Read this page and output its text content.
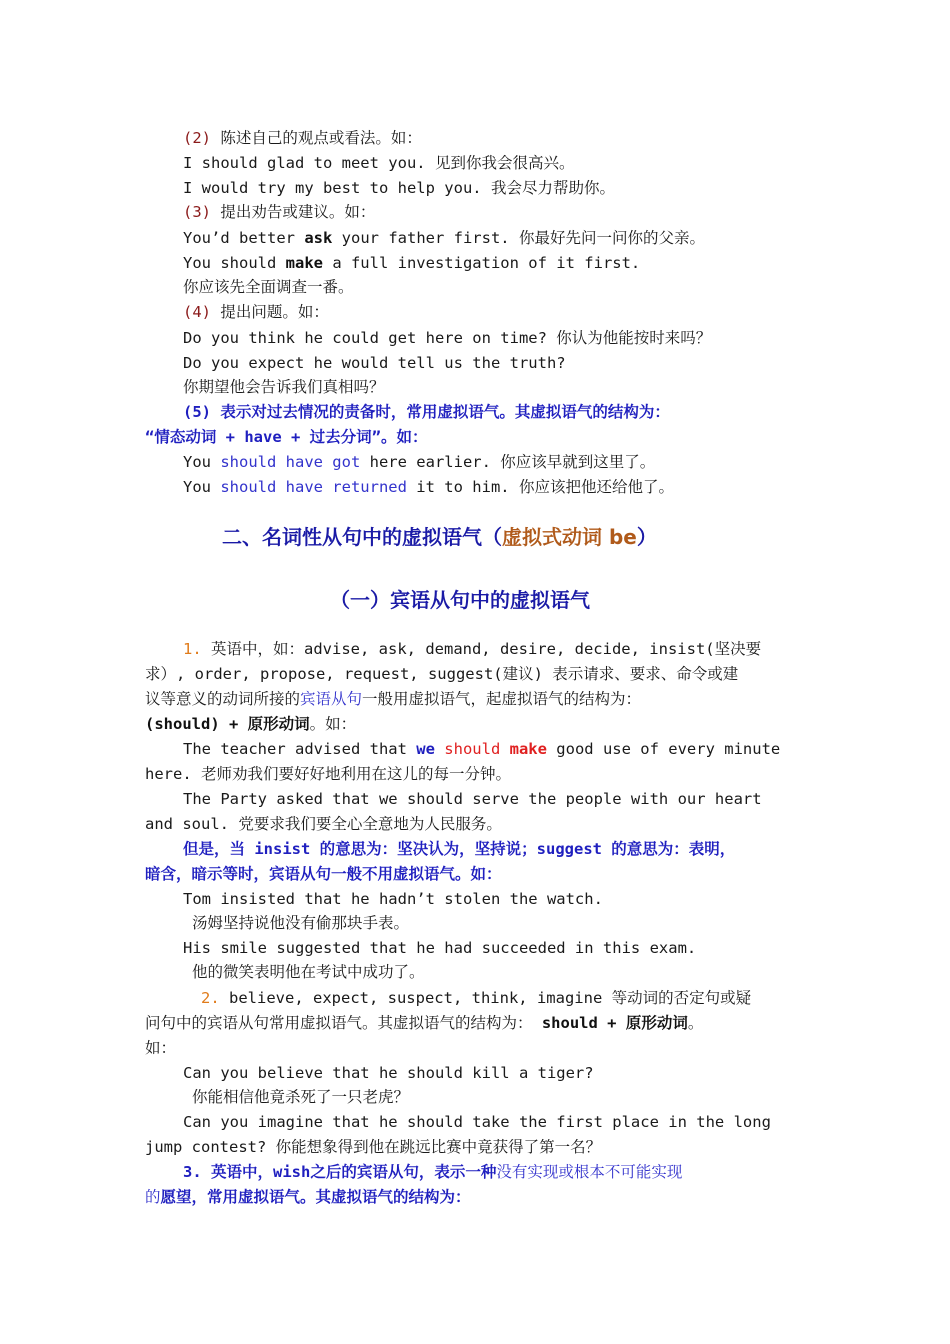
(2) 陈述自己的观点或看法。如：
I should glad to meet you. 见到你我会很高兴。
I would try my best to help you. 我会尽力帮助你。
(3) 提出劝告或建议。如：
You’d better ask your father first. 你最好先问一问你的父亲。
You should make a full investigation of it first.
你应该先全面调查一番。
(4) 提出问题。如：
Do you think he could get here on time? 你认为他能按时来吗？
Do you expect he would tell us the truth?
你期望他会告诉我们真相吗？
(5) 表示对过去情况的责备时，常用虚拟语气。其虚拟语气的结构为：
“情态动词 + have + 过去分词”。如：
You should have got here earlier. 你应该早就到这里了。
You should have returned it to him. 你应该把他还给他了。
二、名词性从句中的虚拟语气（虚拟式动词 be）
（一）宾语从句中的虚拟语气
1. 英语中，如：advise, ask, demand, desire, decide, insist(坚决要
求）, order, propose, request, suggest(建议) 表示请求、要求、命令或建
议等意义的动词所接的宾语从句一般用虚拟语气，起虚拟语气的结构为：
(should) + 原形动词。如：
The teacher advised that we should make good use of every minute
here. 老师劝我们要好好地利用在这儿的每一分钟。
The Party asked that we should serve the people with our heart
and soul. 党要求我们要全心全意地为人民服务。
但是，当 insist 的意思为：坚决认为，坚持说；suggest 的意思为：表明，
暗含，暗示等时，宾语从句一般不用虚拟语气。如：
Tom insisted that he hadn’t stolen the watch.
汤姆坚持说他没有偷那块手表。
His smile suggested that he had succeeded in this exam.
他的微笑表明他在考试中成功了。
2. believe, expect, suspect, think, imagine 等动词的否定句或疑
问句中的宾语从句常用虚拟语气。其虚拟语气的结构为： should + 原形动词。
如：
Can you believe that he should kill a tiger?
你能相信他竟杀死了一只老虎？
Can you imagine that he should take the first place in the long
jump contest? 你能想象得到他在跳远比赛中竟获得了第一名？
3. 英语中，wish之后的宾语从句，表示一种没有实现或根本不可能实现
的愿望，常用虚拟语气。其虚拟语气的结构为：
